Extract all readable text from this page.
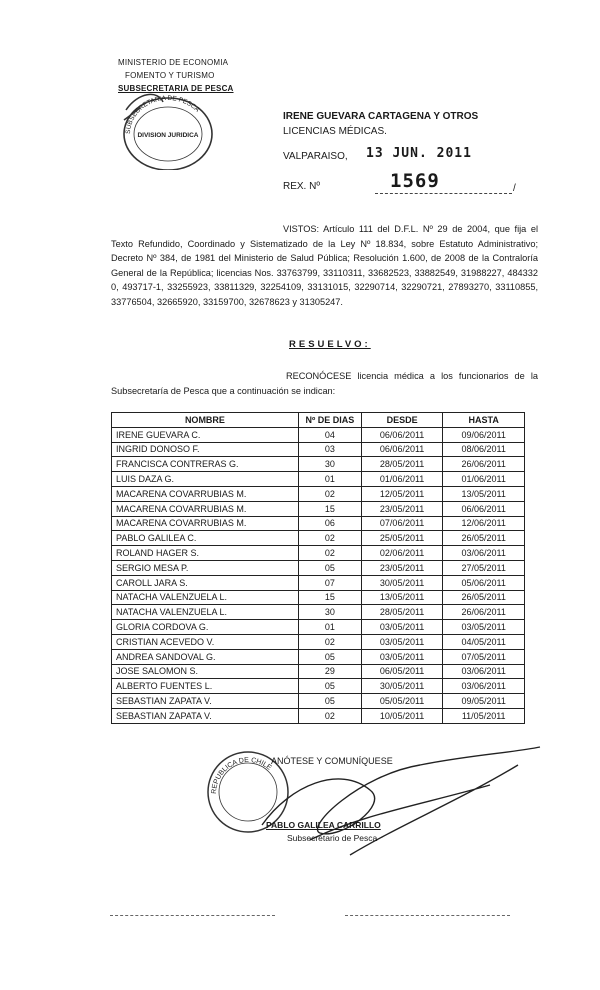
MINISTERIO DE ECONOMIA
FOMENTO Y TURISMO
SUBSECRETARIA DE PESCA
SUBSECRETARIA DE PESCA
DIVISION JURIDICA
IRENE GUEVARA CARTAGENA Y OTROS LICENCIAS MÉDICAS.
VALPARAISO, 13 JUN. 2011
REX. Nº	1569	/
VISTOS: Artículo 111 del D.F.L. Nº 29 de 2004, que fija el Texto Refundido, Coordinado y Sistematizado de la Ley Nº 18.834, sobre Estatuto Administrativo; Decreto Nº 384, de 1981 del Ministerio de Salud Pública; Resolución 1.600, de 2008 de la Contraloría General de la República; licencias Nos. 33763799, 33110311, 33682523, 33882549, 31988227, 484332 0, 493717-1, 33255923, 33811329, 32254109, 33131015, 32290714, 32290721, 27893270, 33110855, 33776504, 32665920, 33159700, 32678623 y 31305247.
RESUELVO:
RECONÓCESE licencia médica a los funcionarios de la Subsecretaría de Pesca que a continuación se indican:
NOMBRE	Nº DE DIAS	DESDE	HASTA
IRENE GUEVARA C.	04	06/06/2011	09/06/2011
INGRID DONOSO F.	03	06/06/2011	08/06/2011
FRANCISCA CONTRERAS G.	30	28/05/2011	26/06/2011
LUIS DAZA G.	01	01/06/2011	01/06/2011
MACARENA COVARRUBIAS M.	02	12/05/2011	13/05/2011
MACARENA COVARRUBIAS M.	15	23/05/2011	06/06/2011
MACARENA COVARRUBIAS M.	06	07/06/2011	12/06/2011
PABLO GALILEA C.	02	25/05/2011	26/05/2011
ROLAND HAGER S.	02	02/06/2011	03/06/2011
SERGIO MESA P.	05	23/05/2011	27/05/2011
CAROLL JARA S.	07	30/05/2011	05/06/2011
NATACHA VALENZUELA L.	15	13/05/2011	26/05/2011
NATACHA VALENZUELA L.	30	28/05/2011	26/06/2011
GLORIA CORDOVA G.	01	03/05/2011	03/05/2011
CRISTIAN ACEVEDO V.	02	03/05/2011	04/05/2011
ANDREA SANDOVAL G.	05	03/05/2011	07/05/2011
JOSE SALOMON S.	29	06/05/2011	03/06/2011
ALBERTO FUENTES L.	05	30/05/2011	03/06/2011
SEBASTIAN ZAPATA V.	05	05/05/2011	09/05/2011
SEBASTIAN ZAPATA V.	02	10/05/2011	11/05/2011
REPUBLICA DE CHILE
ANÓTESE Y COMUNÍQUESE
PABLO GALILEA CARRILLO
Subsecretario de Pesca
